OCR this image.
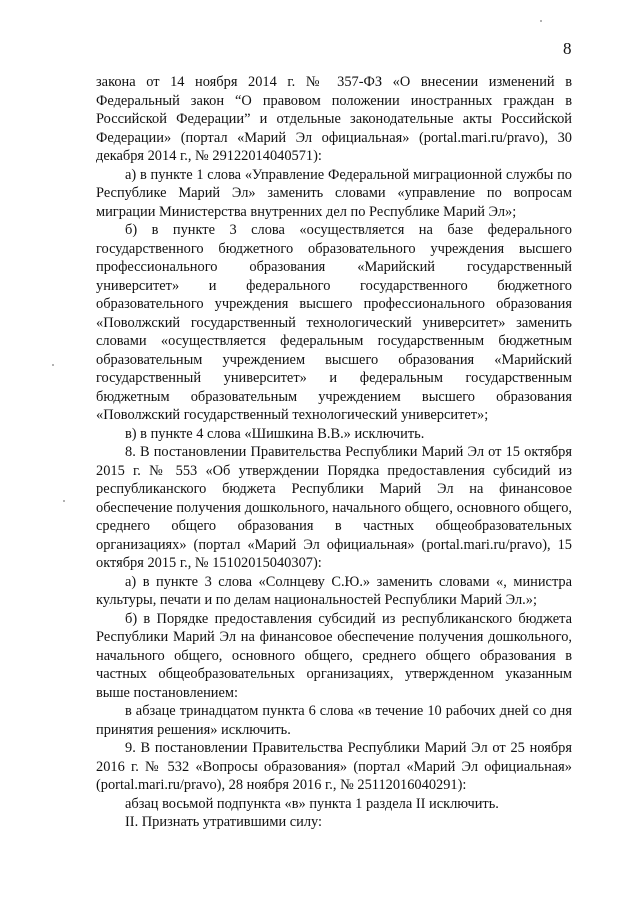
8

закона от 14 ноября 2014 г. № 357-ФЗ «О внесении изменений в Федеральный закон “О правовом положении иностранных граждан в Российской Федерации” и отдельные законодательные акты Российской Федерации» (портал «Марий Эл официальная» (portal.mari.ru/pravo), 30 декабря 2014 г., № 29122014040571):

а) в пункте 1 слова «Управление Федеральной миграционной службы по Республике Марий Эл» заменить словами «управление по вопросам миграции Министерства внутренних дел по Республике Марий Эл»;

б) в пункте 3 слова «осуществляется на базе федерального государственного бюджетного образовательного учреждения высшего профессионального образования «Марийский государственный университет» и федерального государственного бюджетного образовательного учреждения высшего профессионального образования «Поволжский государственный технологический университет» заменить словами «осуществляется федеральным государственным бюджетным образовательным учреждением высшего образования «Марийский государственный университет» и федеральным государственным бюджетным образовательным учреждением высшего образования «Поволжский государственный технологический университет»;

в) в пункте 4 слова «Шишкина В.В.» исключить.

8. В постановлении Правительства Республики Марий Эл от 15 октября 2015 г. № 553 «Об утверждении Порядка предоставления субсидий из республиканского бюджета Республики Марий Эл на финансовое обеспечение получения дошкольного, начального общего, основного общего, среднего общего образования в частных общеобразовательных организациях» (портал «Марий Эл официальная» (portal.mari.ru/pravo), 15 октября 2015 г., № 15102015040307):

а) в пункте 3 слова «Солнцеву С.Ю.» заменить словами «, министра культуры, печати и по делам национальностей Республики Марий Эл.»;

б) в Порядке предоставления субсидий из республиканского бюджета Республики Марий Эл на финансовое обеспечение получения дошкольного, начального общего, основного общего, среднего общего образования в частных общеобразовательных организациях, утвержденном указанным выше постановлением:

в абзаце тринадцатом пункта 6 слова «в течение 10 рабочих дней со дня принятия решения» исключить.

9. В постановлении Правительства Республики Марий Эл от 25 ноября 2016 г. № 532 «Вопросы образования» (портал «Марий Эл официальная» (portal.mari.ru/pravo), 28 ноября 2016 г., № 25112016040291):

абзац восьмой подпункта «в» пункта 1 раздела II исключить.

II. Признать утратившими силу:
